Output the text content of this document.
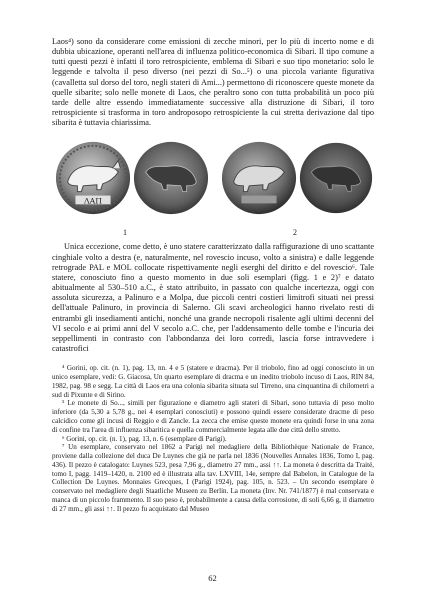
Laos⁴) sono da considerare come emissioni di zecche minori, per lo più di incerto nome e di dubbia ubicazione, operanti nell'area di influenza politico-economica di Sibari. Il tipo comune a tutti questi pezzi è infatti il toro retrospiciente, emblema di Sibari e suo tipo monetario: solo le leggende e talvolta il peso diverso (nei pezzi di So...⁵) o una piccola variante figurativa (cavalletta sul dorso del toro, negli stateri di Ami...) permettono di riconoscere queste monete da quelle sibarite; solo nelle monete di Laos, che peraltro sono con tutta probabilità un poco più tarde delle altre essendo immediatamente successive alla distruzione di Sibari, il toro retrospiciente si trasforma in toro androposopo retrospiciente la cui stretta derivazione dal tipo sibarita è tuttavia chiarissima.

ΛΑΠ
1	2

Unica eccezione, come detto, è uno statere caratterizzato dalla raffigurazione di uno scattante cinghiale volto a destra (e, naturalmente, nel rovescio incuso, volto a sinistra) e dalle leggende retrograde PAL e MOL collocate rispettivamente negli eserghi del diritto e del rovescio⁶. Tale statere, conosciuto fino a questo momento in due soli esemplari (figg. 1 e 2)⁷ e datato abitualmente al 530–510 a.C., è stato attribuito, in passato con qualche incertezza, oggi con assoluta sicurezza, a Palinuro e a Molpa, due piccoli centri costieri limitrofi situati nei pressi dell'attuale Palinuro, in provincia di Salerno. Gli scavi archeologici hanno rivelato resti di entrambi gli insediamenti antichi, nonché una grande necropoli risalente agli ultimi decenni del VI secolo e ai primi anni del V secolo a.C. che, per l'addensamento delle tombe e l'incuria dei seppellimenti in contrasto con l'abbondanza dei loro corredi, lascia forse intravvedere i catastrofici

⁴ Gorini, op. cit. (n. 1), pag. 13, nn. 4 e 5 (statere e dracma). Per il triobolo, fino ad oggi conosciuto in un unico esemplare, vedi: G. Giacosa, Un quarto esemplare di dracma e un inedito triobolo incuso di Laos, RIN 84, 1982, pag. 98 e segg. La città di Laos era una colonia sibarita situata sul Tirreno, una cinquantina di chilometri a sud di Pixunte e di Sirino.

⁵ Le monete di So..., simili per figurazione e diametro agli stateri di Sibari, sono tuttavia di peso molto inferiore (da 5,30 a 5,78 g., nei 4 esemplari conosciuti) e possono quindi essere considerate dracme di peso calcidico come gli incusi di Reggio e di Zancle. La zecca che emise queste monete era quindi forse in una zona di confine tra l'area di influenza sibaritica e quella commercialmente legata alle due città dello stretto.

⁶ Gorini, op. cit. (n. 1), pag. 13, n. 6 (esemplare di Parigi).

⁷ Un esemplare, conservato nel 1862 a Parigi nel medagliere della Bibliothèque Nationale de France, proviene dalla collezione del duca De Luynes che già ne parla nel 1836 (Nouvelles Annales 1836, Tomo I, pag. 436). Il pezzo è catalogato: Luynes 523, pesa 7,96 g., diametro 27 mm., assi ↑↑. La moneta è descritta da Traité, tomo I, pagg. 1419–1420, n. 2100 ed è illustrata alla tav. LXVIII, 14e, sempre dal Babelon, in Catalogue de la Collection De Luynes. Monnaies Grecques, I (Parigi 1924), pag. 105, n. 523. – Un secondo esemplare è conservato nel medagliere degli Staatliche Museen zu Berlin. La moneta (Inv. Nr. 741/1877) è mal conservata e manca di un piccolo frammento. Il suo peso è, probabilmente a causa della corrosione, di soli 6,66 g, il diametro di 27 mm., gli assi ↑↑. Il pezzo fu acquistato dal Museo

62
